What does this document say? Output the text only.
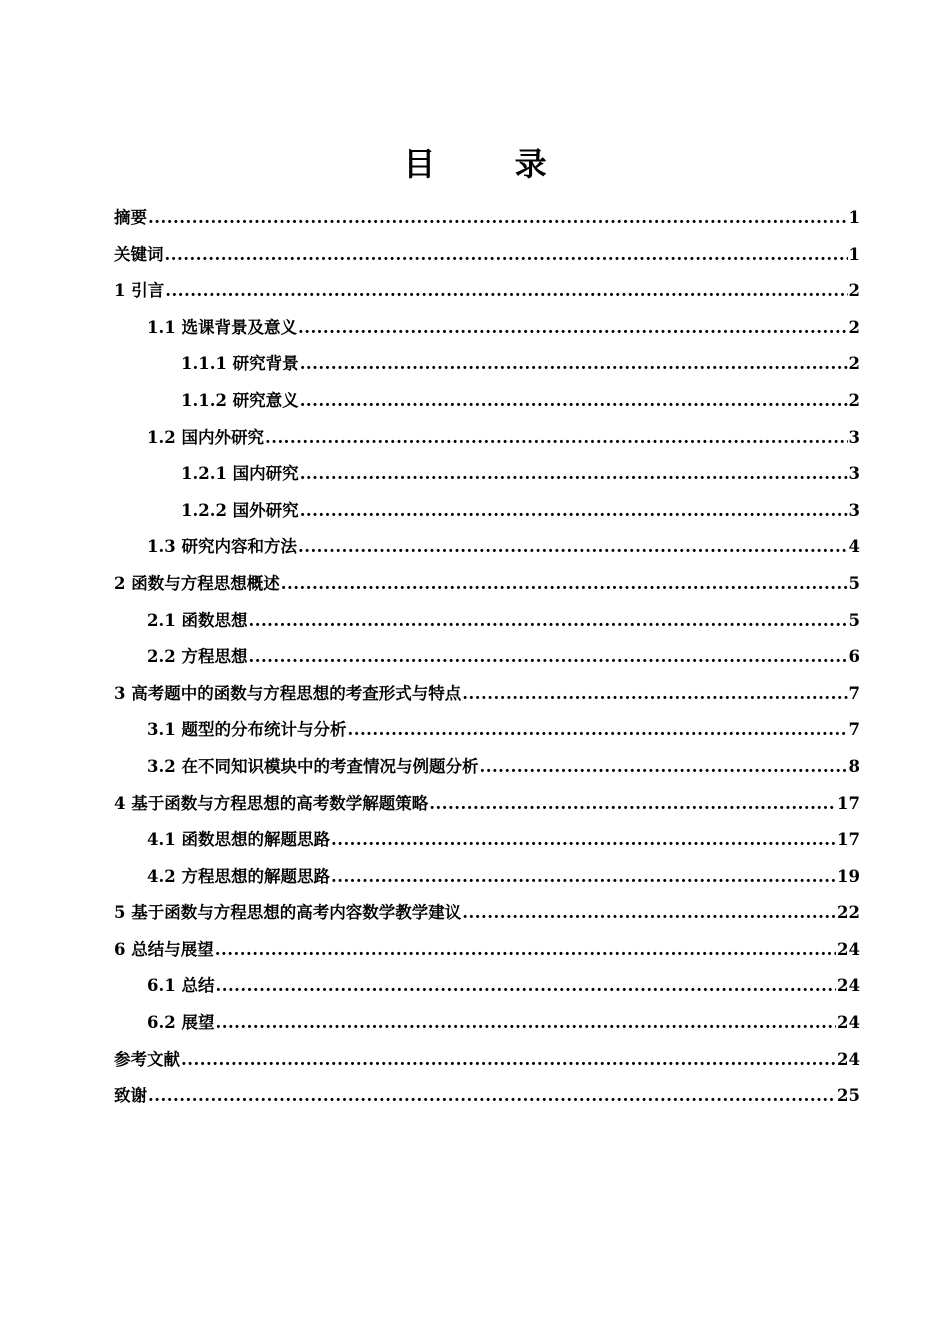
目 录
摘要 .....	1
关键词 .....	1
1 引言 .....	2
1.1 选课背景及意义 .....	2
1.1.1 研究背景 .....	2
1.1.2 研究意义 .....	2
1.2 国内外研究 .....	3
1.2.1 国内研究 .....	3
1.2.2 国外研究 .....	3
1.3 研究内容和方法 .....	4
2 函数与方程思想概述 .....	5
2.1 函数思想 .....	5
2.2 方程思想 .....	6
3 高考题中的函数与方程思想的考查形式与特点 .....	7
3.1 题型的分布统计与分析 .....	7
3.2 在不同知识模块中的考查情况与例题分析 .....	8
4 基于函数与方程思想的高考数学解题策略 .....	17
4.1 函数思想的解题思路 .....	17
4.2 方程思想的解题思路 .....	19
5 基于函数与方程思想的高考内容数学教学建议 .....	22
6 总结与展望 .....	24
6.1 总结 .....	24
6.2 展望 .....	24
参考文献 .....	24
致谢 .....	25
